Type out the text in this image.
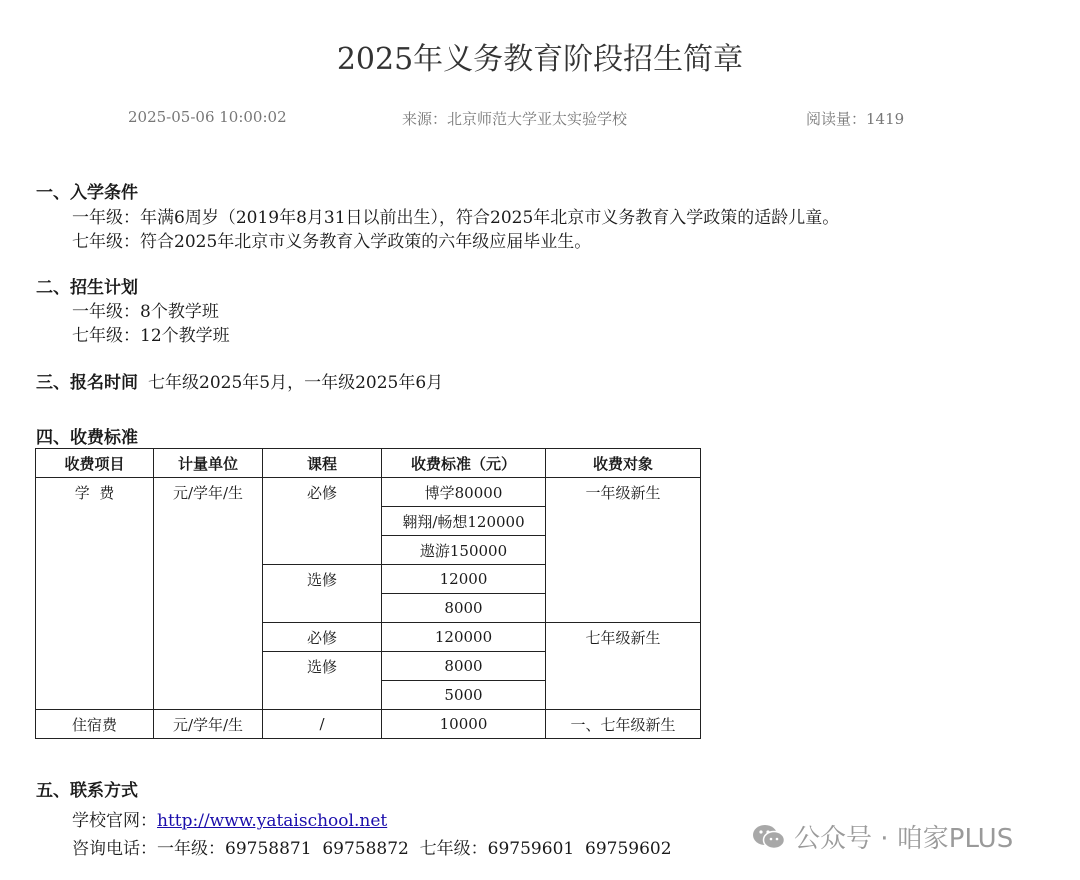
2025年义务教育阶段招生简章
2025-05-06 10:00:02	来源：北京师范大学亚太实验学校	阅读量：1419
一、入学条件
一年级：年满6周岁（2019年8月31日以前出生），符合2025年北京市义务教育入学政策的适龄儿童。
七年级：符合2025年北京市义务教育入学政策的六年级应届毕业生。
二、招生计划
一年级：8个教学班
七年级：12个教学班
三、报名时间 七年级2025年5月，一年级2025年6月
四、收费标准
收费项目	计量单位	课程	收费标准（元）	收费对象
学  费	元/学年/生	必修	博学80000	一年级新生
			翱翔/畅想120000	
			遨游150000	
		选修	12000	
			8000	
		必修	120000	七年级新生
		选修	8000	
			5000	
住宿费	元/学年/生	/	10000	一、七年级新生
五、联系方式
学校官网：http://www.yataischool.net
咨询电话：一年级：69758871  69758872  七年级：69759601  69759602	公众号 · 咱家PLUS
